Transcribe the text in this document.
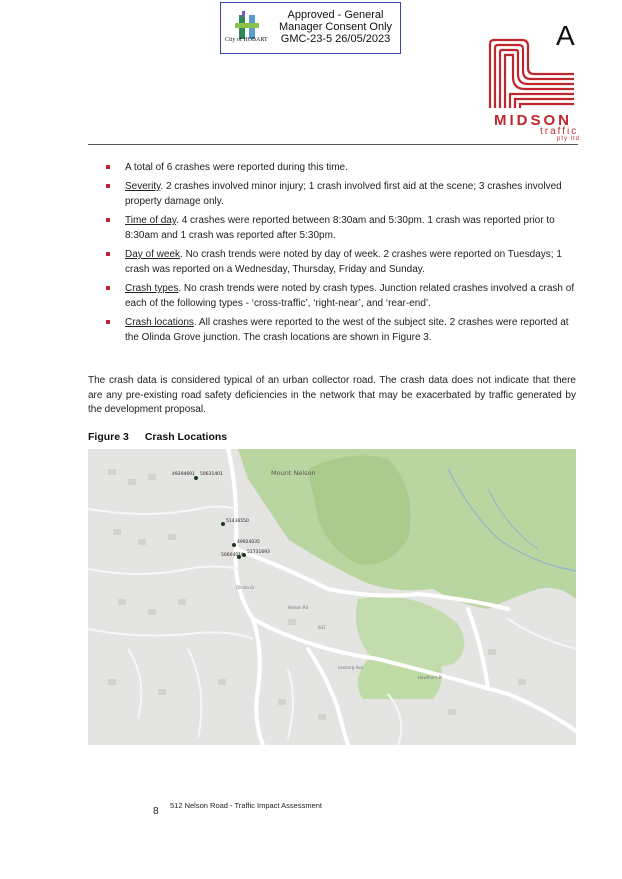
City of HOBART
Approved - General
Manager Consent Only
GMC-23-5 26/05/2023	A
MIDSON
traffic
pty ltd
A total of 6 crashes were reported during this time.
Severity. 2 crashes involved minor injury; 1 crash involved first aid at the scene; 3 crashes involved property damage only.
Time of day. 4 crashes were reported between 8:30am and 5:30pm. 1 crash was reported prior to 8:30am and 1 crash was reported after 5:30pm.
Day of week. No crash trends were noted by day of week. 2 crashes were reported on Tuesdays; 1 crash was reported on a Wednesday, Thursday, Friday and Sunday.
Crash types. No crash trends were noted by crash types. Junction related crashes involved a crash of each of the following types - ‘cross-traffic’, ‘right-near’, and ‘rear-end’.
Crash locations. All crashes were reported to the west of the subject site. 2 crashes were reported at the Olinda Grove junction. The crash locations are shown in Figure 3.

The crash data is considered typical of an urban collector road. The crash data does not indicate that there are any pre-existing road safety deficiencies in the network that may be exacerbated by traffic generated by the development proposal.

Figure 3 Crash Locations
Mount Nelson
Nelson Rd
Olinda Gr
Lenborg Ave
Hawthorn Pl
B32
49294691 50631401
51436550
49924035
50604019
51731693
8
512 Nelson Road - Traffic Impact Assessment
